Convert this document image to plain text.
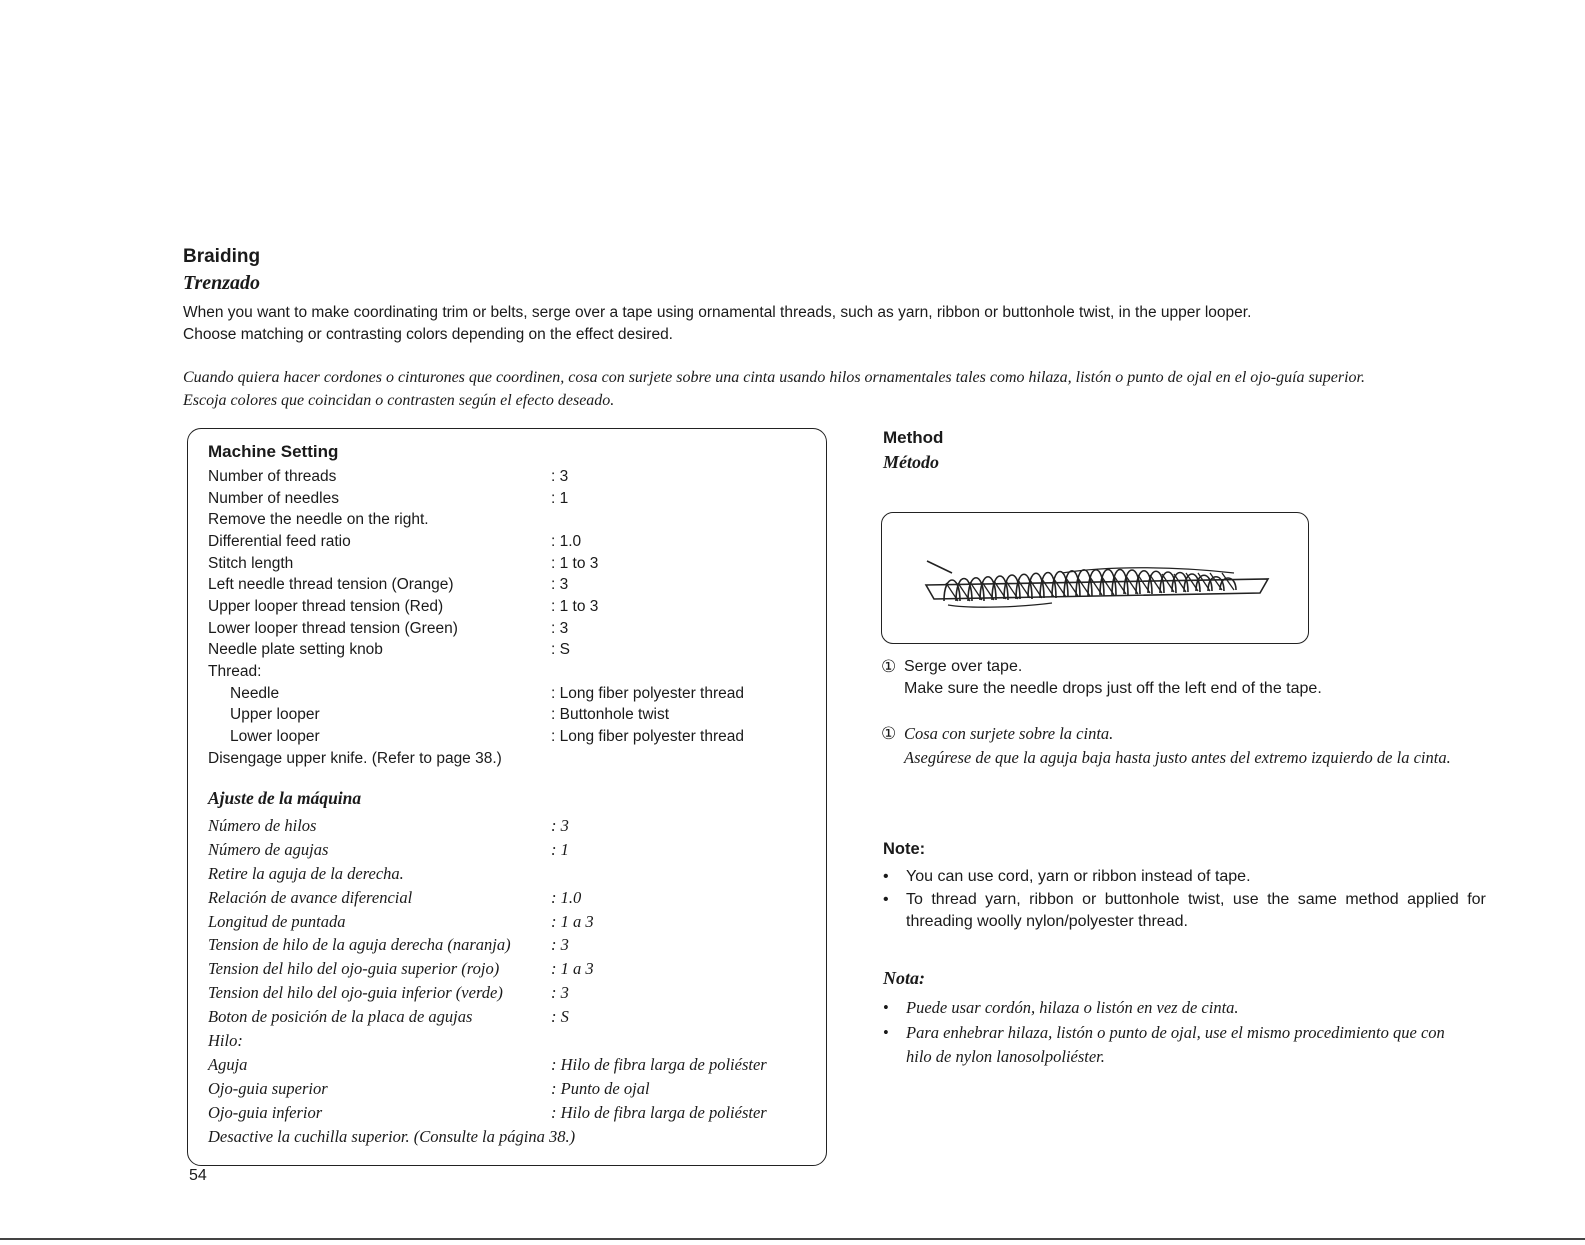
Braiding
Trenzado
When you want to make coordinating trim or belts, serge over a tape using ornamental threads, such as yarn, ribbon or buttonhole twist, in the upper looper.
Choose matching or contrasting colors depending on the effect desired.
Cuando quiera hacer cordones o cinturones que coordinen, cosa con surjete sobre una cinta usando hilos ornamentales tales como hilaza, listón o punto de ojal en el ojo-guía superior.
Escoja colores que coincidan o contrasten según el efecto deseado.
Machine Setting
Number of threads	: 3
Number of needles	: 1
Remove the needle on the right.
Differential feed ratio	: 1.0
Stitch length	: 1 to 3
Left needle thread tension (Orange)	: 3
Upper looper thread tension (Red)	: 1 to 3
Lower looper thread tension (Green)	: 3
Needle plate setting knob	: S
Thread:
Needle	: Long fiber polyester thread
Upper looper	: Buttonhole twist
Lower looper	: Long fiber polyester thread
Disengage upper knife. (Refer to page 38.)
Ajuste de la máquina
Número de hilos	: 3
Número de agujas	: 1
Retire la aguja de la derecha.
Relación de avance diferencial	: 1.0
Longitud de puntada	: 1 a 3
Tension de hilo de la aguja derecha (naranja) : 3
Tension del hilo del ojo-guia superior (rojo)	: 1 a 3
Tension del hilo del ojo-guia inferior (verde)	: 3
Boton de posición de la placa de agujas	: S
Hilo:
Aguja	: Hilo de fibra larga de poliéster
Ojo-guia superior	: Punto de ojal
Ojo-guia inferior	: Hilo de fibra larga de poliéster
Desactive la cuchilla superior. (Consulte la página 38.)
54
Method
Método
① Serge over tape.
Make sure the needle drops just off the left end of the tape.
① Cosa con surjete sobre la cinta.
Asegúrese de que la aguja baja hasta justo antes del extremo izquierdo de la cinta.
Note:
• You can use cord, yarn or ribbon instead of tape.
• To thread yarn, ribbon or buttonhole twist, use the same method applied for
threading woolly nylon/polyester thread.
Nota:
• Puede usar cordón, hilaza o listón en vez de cinta.
• Para enhebrar hilaza, listón o punto de ojal, use el mismo procedimiento que con
hilo de nylon lanosolpoliéster.
